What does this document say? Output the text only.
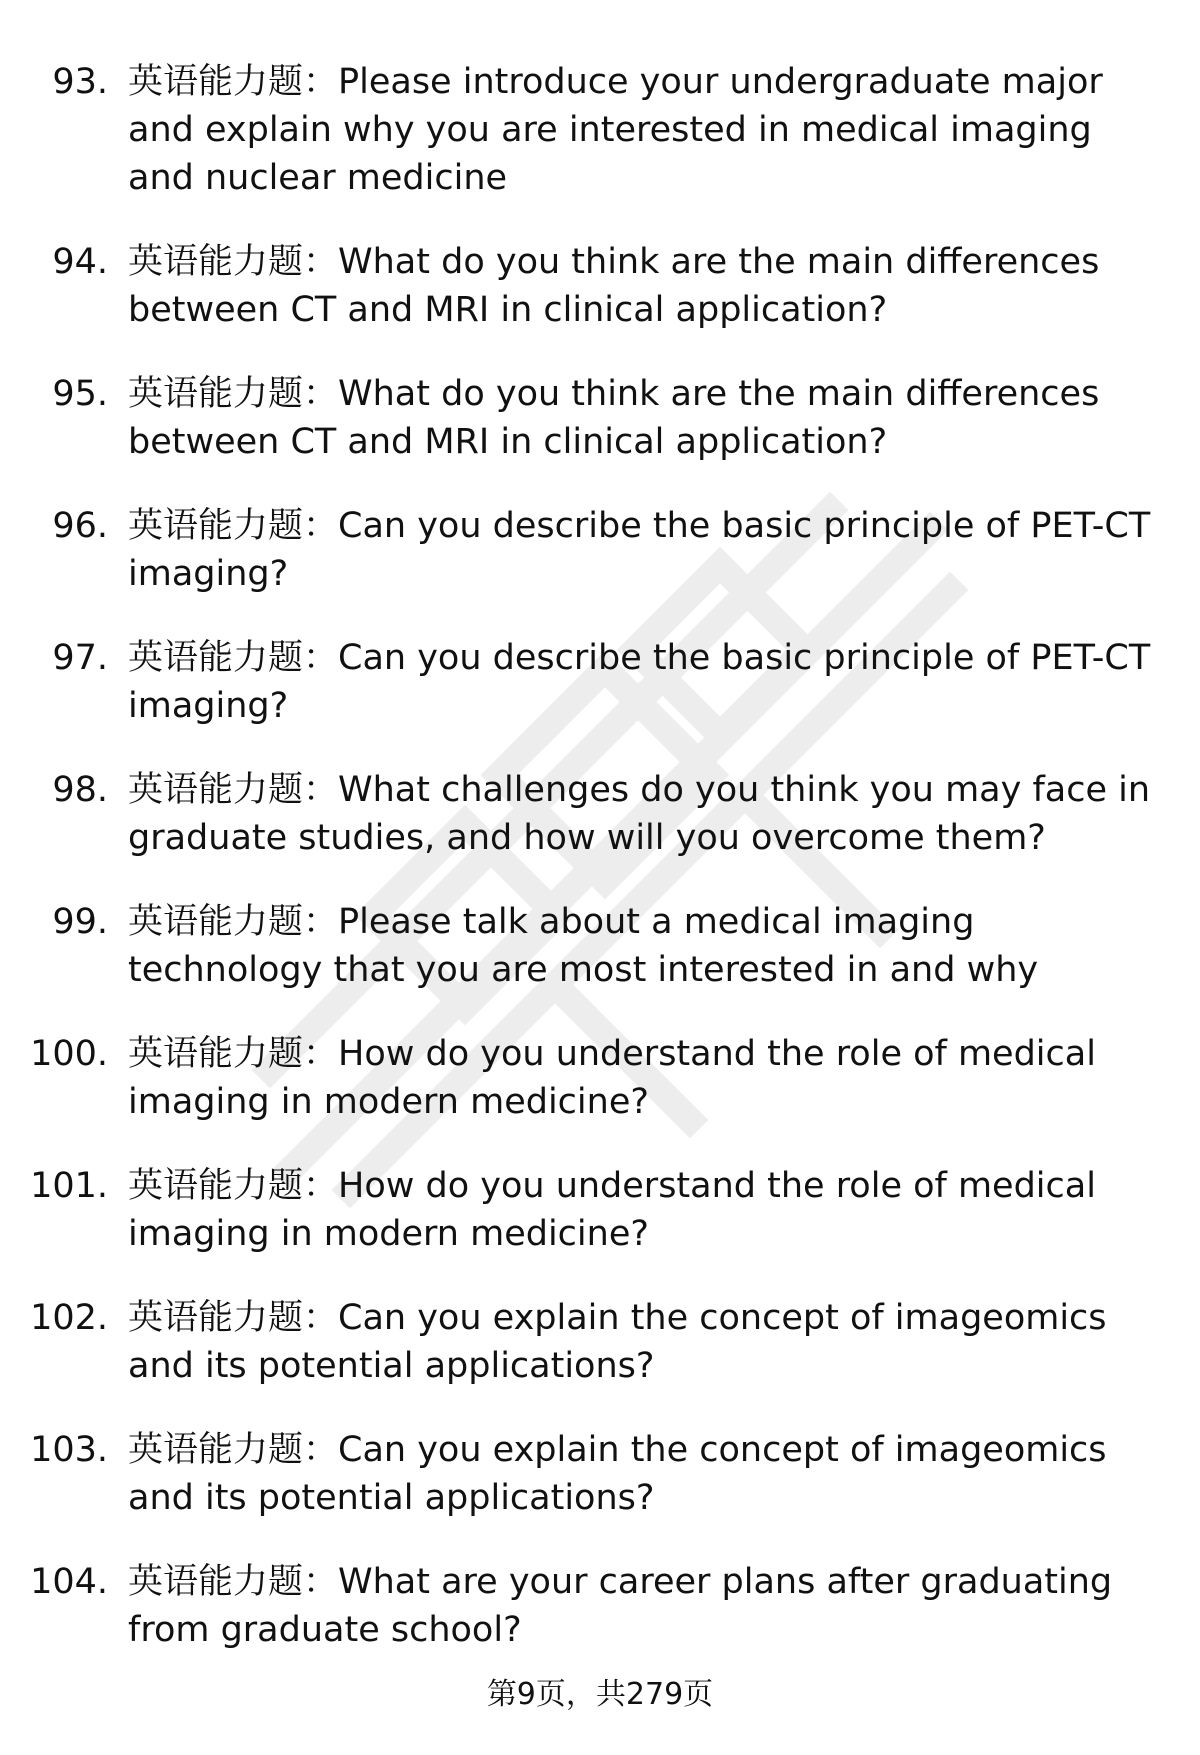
93. 英语能力题：Please introduce your undergraduate major and explain why you are interested in medical imaging and nuclear medicine
94. 英语能力题：What do you think are the main differences between CT and MRI in clinical application?
95. 英语能力题：What do you think are the main differences between CT and MRI in clinical application?
96. 英语能力题：Can you describe the basic principle of PET-CT imaging?
97. 英语能力题：Can you describe the basic principle of PET-CT imaging?
98. 英语能力题：What challenges do you think you may face in graduate studies, and how will you overcome them?
99. 英语能力题：Please talk about a medical imaging technology that you are most interested in and why
100. 英语能力题：How do you understand the role of medical imaging in modern medicine?
101. 英语能力题：How do you understand the role of medical imaging in modern medicine?
102. 英语能力题：Can you explain the concept of imageomics and its potential applications?
103. 英语能力题：Can you explain the concept of imageomics and its potential applications?
104. 英语能力题：What are your career plans after graduating from graduate school?
第9页，共279页
